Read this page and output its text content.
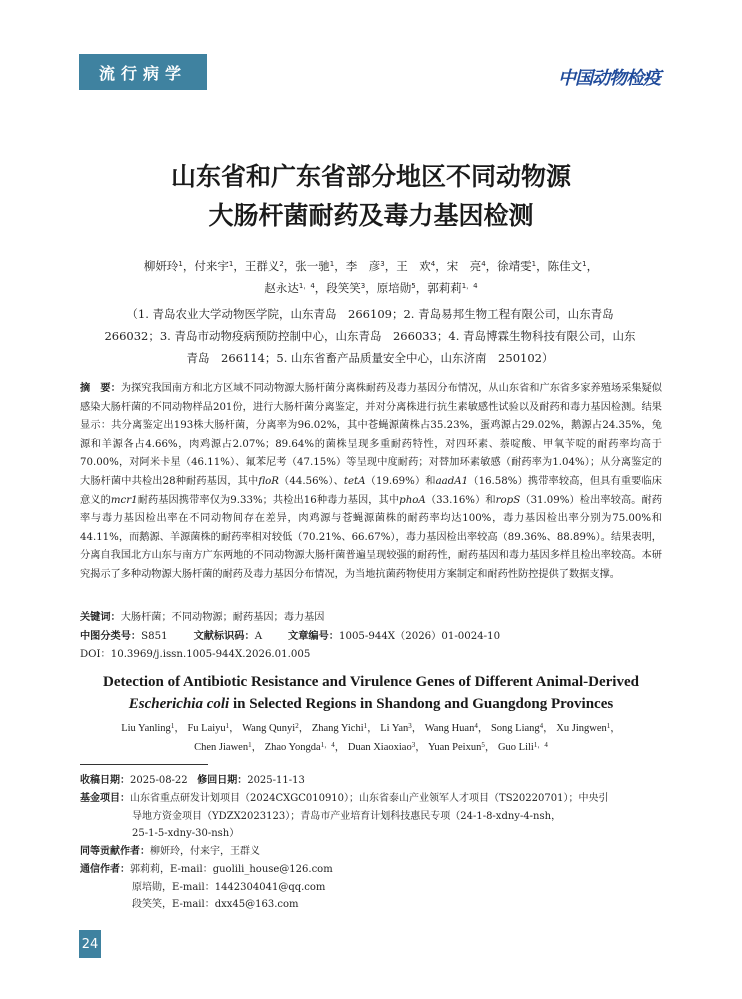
流行病学	中国动物检疫
山东省和广东省部分地区不同动物源
大肠杆菌耐药及毒力基因检测
柳妍玲$^1$，付来宇$^1$，王群义$^2$，张一驰$^1$，李　彦$^3$，王　欢$^4$，宋　亮$^4$，徐靖雯$^1$，陈佳文$^1$，
赵永达$^{1,4}$，段笑笑$^3$，原培勋$^5$，郭莉莉$^{1,4}$
（1. 青岛农业大学动物医学院，山东青岛　266109；2. 青岛易邦生物工程有限公司，山东青岛　266032；3. 青岛市动物疫病预防控制中心，山东青岛　266033；4. 青岛博霖生物科技有限公司，山东青岛　266114；5. 山东省畜产品质量安全中心，山东济南　250102）
摘　要：为探究我国南方和北方区域不同动物源大肠杆菌分离株耐药及毒力基因分布情况，从山东省和广东省多家养殖场采集疑似感染大肠杆菌的不同动物样品201份，进行大肠杆菌分离鉴定，并对分离株进行抗生素敏感性试验以及耐药和毒力基因检测。结果显示：共分离鉴定出193株大肠杆菌，分离率为96.02%，其中苍蝇源菌株占35.23%，蛋鸡源占29.02%，鹅源占24.35%，兔源和羊源各占4.66%，肉鸡源占2.07%；89.64%的菌株呈现多重耐药特性，对四环素、萘啶酸、甲氧苄啶的耐药率均高于70.00%，对阿米卡星（46.11%）、氟苯尼考（47.15%）等呈现中度耐药；对替加环素敏感（耐药率为1.04%）；从分离鉴定的大肠杆菌中共检出28种耐药基因，其中floR（44.56%）、tetA（19.69%）和aadA1（16.58%）携带率较高，但具有重要临床意义的mcr1耐药基因携带率仅为9.33%；共检出16种毒力基因，其中phoA（33.16%）和ropS（31.09%）检出率较高。耐药率与毒力基因检出率在不同动物间存在差异，肉鸡源与苍蝇源菌株的耐药率均达100%，毒力基因检出率分别为75.00%和44.11%，而鹅源、羊源菌株的耐药率相对较低（70.21%、66.67%），毒力基因检出率较高（89.36%、88.89%）。结果表明，分离自我国北方山东与南方广东两地的不同动物源大肠杆菌普遍呈现较强的耐药性，耐药基因和毒力基因多样且检出率较高。本研究揭示了多种动物源大肠杆菌的耐药及毒力基因分布情况，为当地抗菌药物使用方案制定和耐药性防控提供了数据支撑。
关键词：大肠杆菌；不同动物源；耐药基因；毒力基因
中图分类号：S851	文献标识码：A	文章编号：1005-944X（2026）01-0024-10
DOI：10.3969/j.issn.1005-944X.2026.01.005
Detection of Antibiotic Resistance and Virulence Genes of Different Animal-Derived
Escherichia coli in Selected Regions in Shandong and Guangdong Provinces
Liu Yanling$^1$， Fu Laiyu$^1$， Wang Qunyi$^2$， Zhang Yichi$^1$， Li Yan$^3$， Wang Huan$^4$， Song Liang$^4$， Xu Jingwen$^1$，
Chen Jiawen$^1$， Zhao Yongda$^{1,4}$， Duan Xiaoxiao$^3$， Yuan Peixun$^5$， Guo Lili$^{1,4}$
收稿日期：2025-08-22 修回日期：2025-11-13
基金项目：山东省重点研发计划项目（2024CXGC010910）；山东省泰山产业领军人才项目（TS20220701）；中央引
导地方资金项目（YDZX2023123）；青岛市产业培育计划科技惠民专项（24-1-8-xdny-4-nsh，
25-1-5-xdny-30-nsh）
同等贡献作者：柳妍玲，付来宇，王群义
通信作者：郭莉莉，E-mail：guolili_house@126.com
原培勋，E-mail：1442304041@qq.com
段笑笑，E-mail：dxx45@163.com
24
